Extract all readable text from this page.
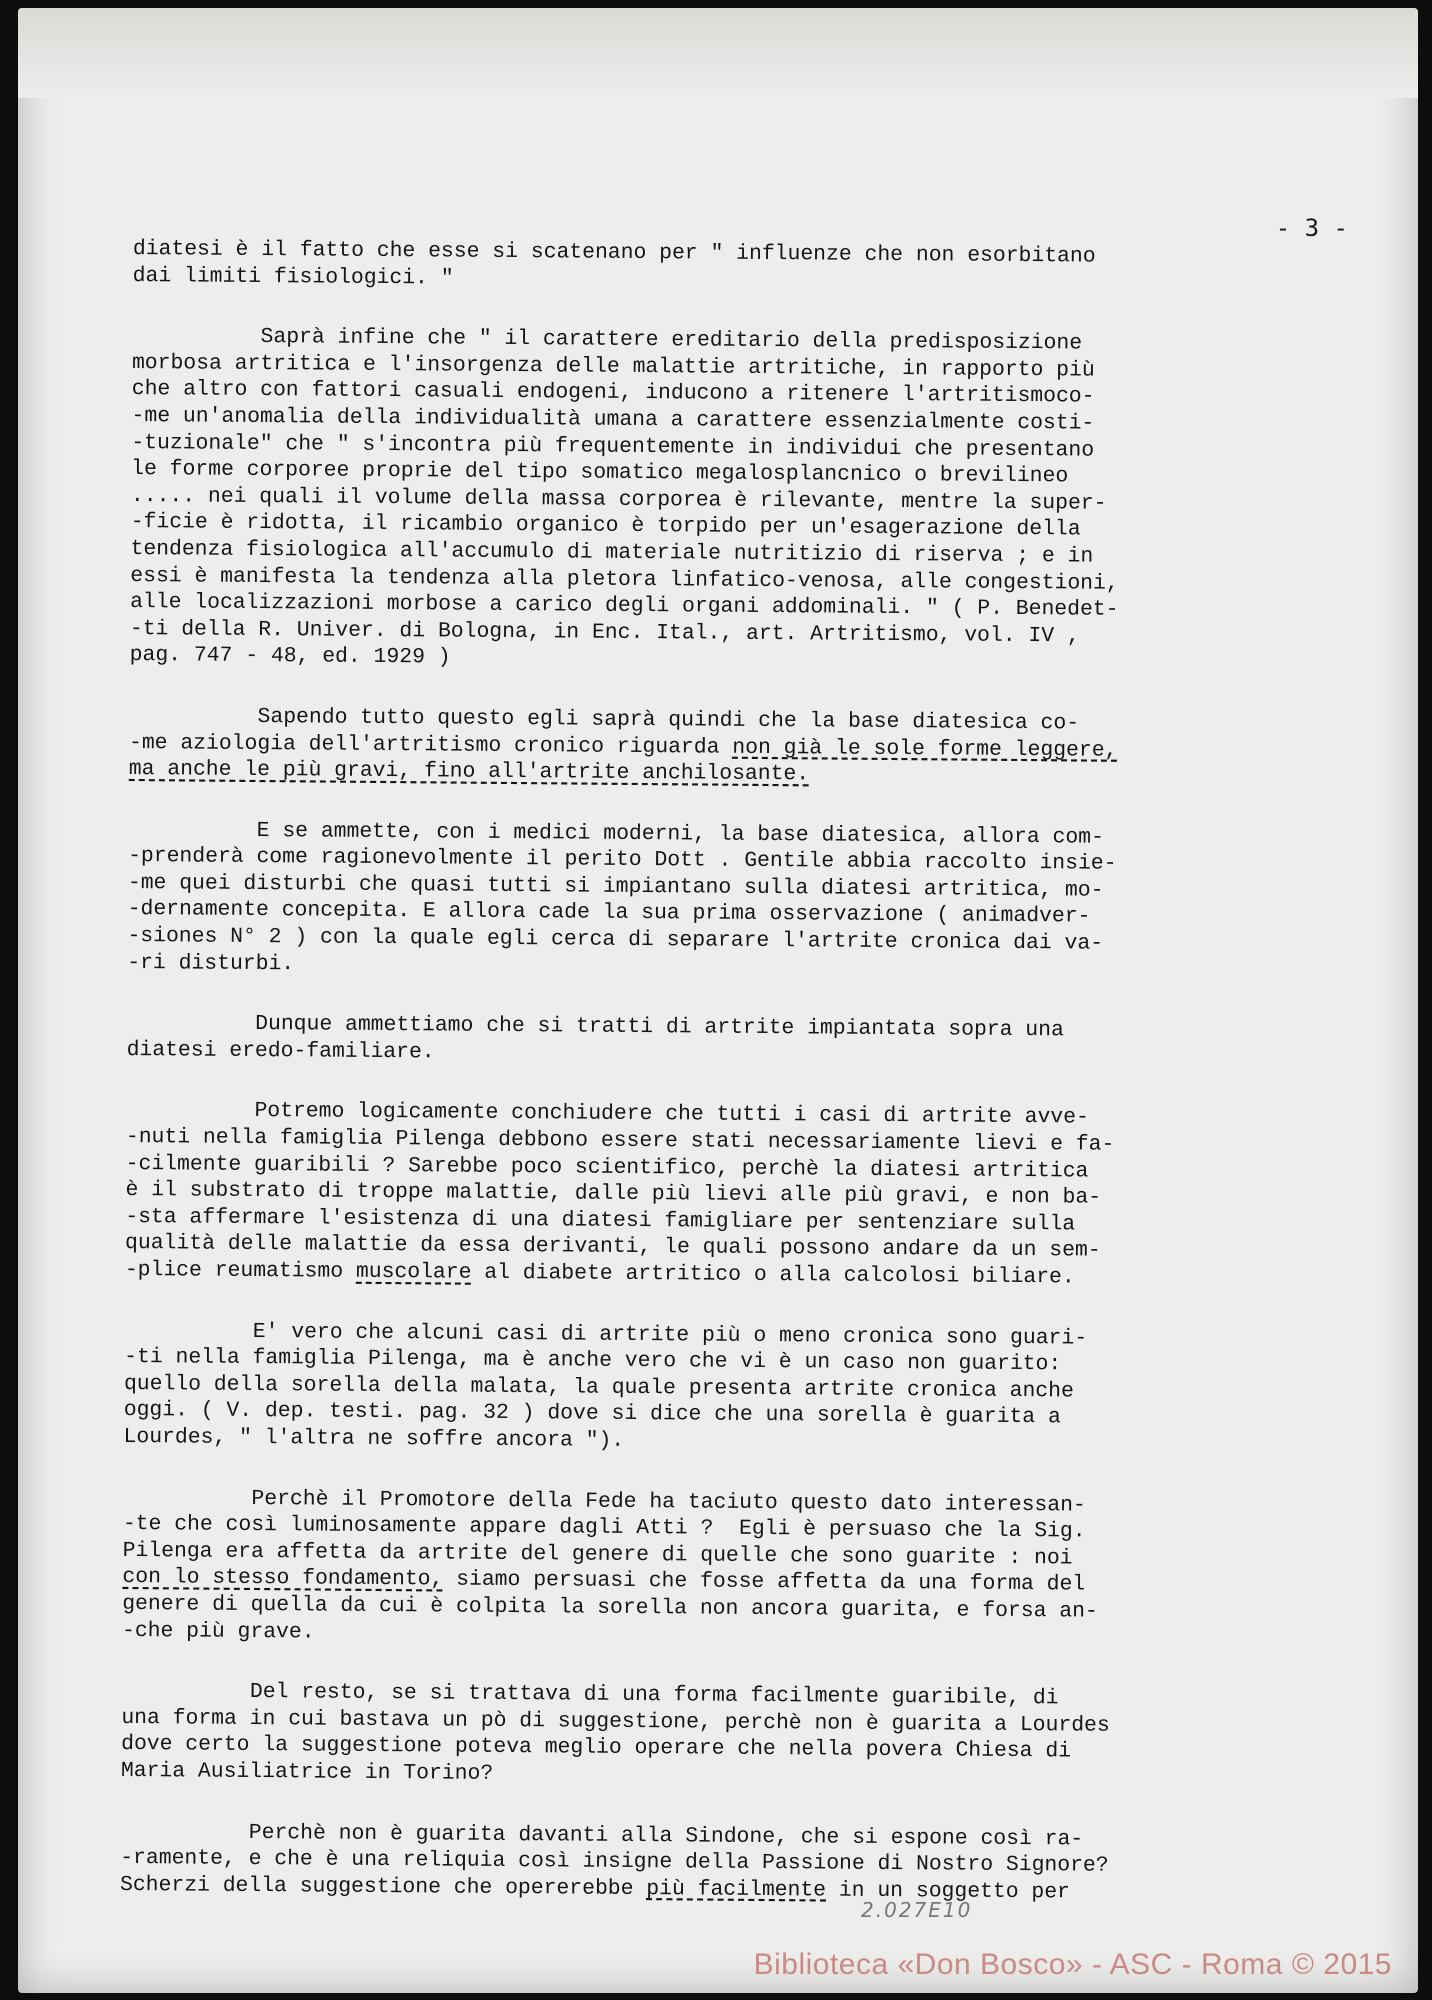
- 3 -
diatesi è il fatto che esse si scatenano per " influenze che non esorbitano
dai limiti fisiologici. "
Saprà infine che " il carattere ereditario della predisposizione
morbosa artritica e l'insorgenza delle malattie artritiche, in rapporto più
che altro con fattori casuali endogeni, inducono a ritenere l'artritismoco-
-me un'anomalia della individualità umana a carattere essenzialmente costi-
-tuzionale" che " s'incontra più frequentemente in individui che presentano
le forme corporee proprie del tipo somatico megalosplancnico o brevilineo
..... nei quali il volume della massa corporea è rilevante, mentre la super-
-ficie è ridotta, il ricambio organico è torpido per un'esagerazione della
tendenza fisiologica all'accumulo di materiale nutritizio di riserva ; e in
essi è manifesta la tendenza alla pletora linfatico-venosa, alle congestioni,
alle localizzazioni morbose a carico degli organi addominali. " ( P. Benedet-
-ti della R. Univer. di Bologna, in Enc. Ital., art. Artritismo, vol. IV ,
pag. 747 - 48, ed. 1929 )
Sapendo tutto questo egli saprà quindi che la base diatesica co-
-me aziologia dell'artritismo cronico riguarda non già le sole forme leggere,
ma anche le più gravi, fino all'artrite anchilosante.
E se ammette, con i medici moderni, la base diatesica, allora com-
-prenderà come ragionevolmente il perito Dott . Gentile abbia raccolto insie-
-me quei disturbi che quasi tutti si impiantano sulla diatesi artritica, mo-
-dernamente concepita. E allora cade la sua prima osservazione ( animadver-
-siones N° 2 ) con la quale egli cerca di separare l'artrite cronica dai va-
-ri disturbi.
Dunque ammettiamo che si tratti di artrite impiantata sopra una
diatesi eredo-familiare.
Potremo logicamente conchiudere che tutti i casi di artrite avve-
-nuti nella famiglia Pilenga debbono essere stati necessariamente lievi e fa-
-cilmente guaribili ? Sarebbe poco scientifico, perchè la diatesi artritica
è il substrato di troppe malattie, dalle più lievi alle più gravi, e non ba-
-sta affermare l'esistenza di una diatesi famigliare per sentenziare sulla
qualità delle malattie da essa derivanti, le quali possono andare da un sem-
-plice reumatismo muscolare al diabete artritico o alla calcolosi biliare.
E' vero che alcuni casi di artrite più o meno cronica sono guari-
-ti nella famiglia Pilenga, ma è anche vero che vi è un caso non guarito:
quello della sorella della malata, la quale presenta artrite cronica anche
oggi. ( V. dep. testi. pag. 32 ) dove si dice che una sorella è guarita a
Lourdes, " l'altra ne soffre ancora ").
Perchè il Promotore della Fede ha taciuto questo dato interessan-
-te che così luminosamente appare dagli Atti ?  Egli è persuaso che la Sig.
Pilenga era affetta da artrite del genere di quelle che sono guarite : noi
con lo stesso fondamento, siamo persuasi che fosse affetta da una forma del
genere di quella da cui è colpita la sorella non ancora guarita, e forsa an-
-che più grave.
Del resto, se si trattava di una forma facilmente guaribile, di
una forma in cui bastava un pò di suggestione, perchè non è guarita a Lourdes
dove certo la suggestione poteva meglio operare che nella povera Chiesa di
Maria Ausiliatrice in Torino?
Perchè non è guarita davanti alla Sindone, che si espone così ra-
-ramente, e che è una reliquia così insigne della Passione di Nostro Signore?
Scherzi della suggestione che opererebbe più facilmente in un soggetto per
2.027E10
Biblioteca «Don Bosco» - ASC - Roma © 2015
